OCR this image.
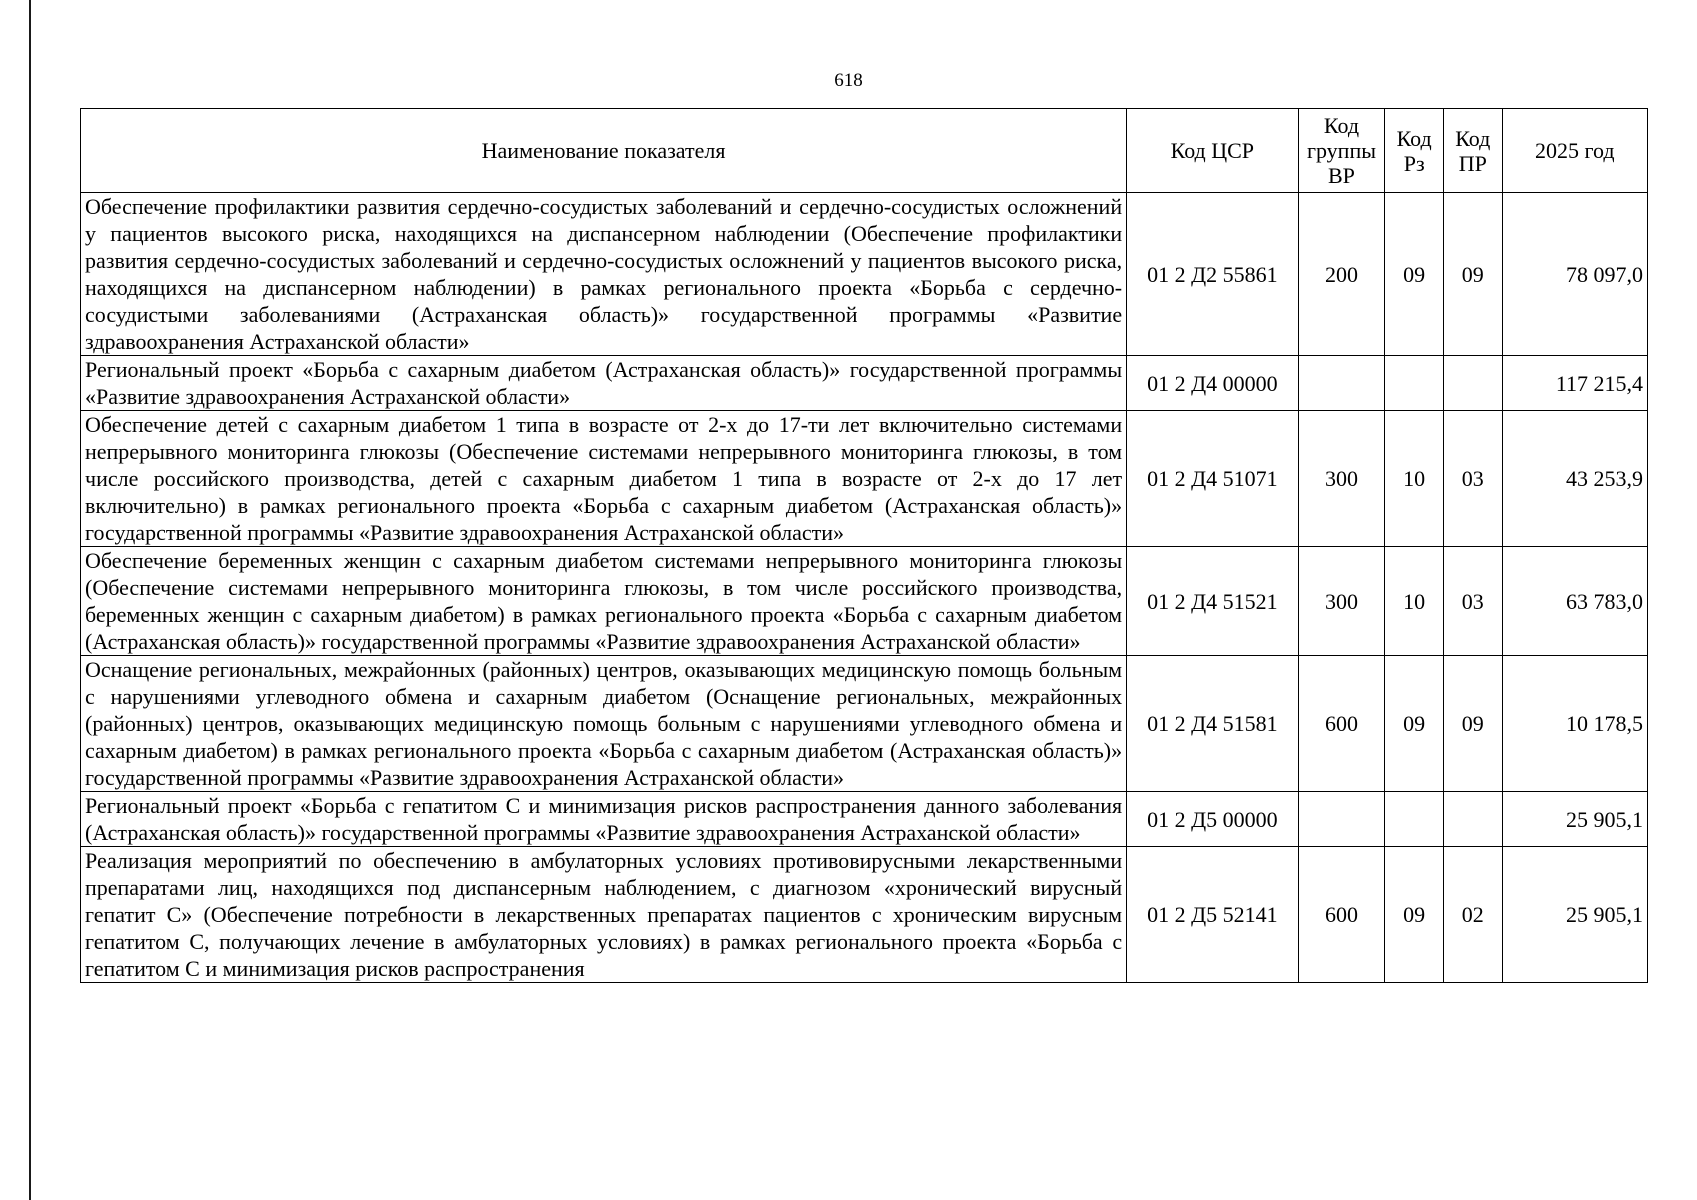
618
Наименование показателя	Код ЦСР	Код группы ВР	Код Рз	Код ПР	2025 год
Обеспечение профилактики развития сердечно-сосудистых заболеваний и сердечно-сосудистых осложнений у пациентов высокого риска, находящихся на диспансерном наблюдении (Обеспечение профилактики развития сердечно-сосудистых заболеваний и сердечно-сосудистых осложнений у пациентов высокого риска, находящихся на диспансерном наблюдении) в рамках регионального проекта «Борьба с сердечно-сосудистыми заболеваниями (Астраханская область)» государственной программы «Развитие здравоохранения Астраханской области»	01 2 Д2 55861	200	09	09	78 097,0
Региональный проект «Борьба с сахарным диабетом (Астраханская область)» государственной программы «Развитие здравоохранения Астраханской области»	01 2 Д4 00000				117 215,4
Обеспечение детей с сахарным диабетом 1 типа в возрасте от 2-х до 17-ти лет включительно системами непрерывного мониторинга глюкозы (Обеспечение системами непрерывного мониторинга глюкозы, в том числе российского производства, детей с сахарным диабетом 1 типа в возрасте от 2-х до 17 лет включительно) в рамках регионального проекта «Борьба с сахарным диабетом (Астраханская область)» государственной программы «Развитие здравоохранения Астраханской области»	01 2 Д4 51071	300	10	03	43 253,9
Обеспечение беременных женщин с сахарным диабетом системами непрерывного мониторинга глюкозы (Обеспечение системами непрерывного мониторинга глюкозы, в том числе российского производства, беременных женщин с сахарным диабетом) в рамках регионального проекта «Борьба с сахарным диабетом (Астраханская область)» государственной программы «Развитие здравоохранения Астраханской области»	01 2 Д4 51521	300	10	03	63 783,0
Оснащение региональных, межрайонных (районных) центров, оказывающих медицинскую помощь больным с нарушениями углеводного обмена и сахарным диабетом (Оснащение региональных, межрайонных (районных) центров, оказывающих медицинскую помощь больным с нарушениями углеводного обмена и сахарным диабетом) в рамках регионального проекта «Борьба с сахарным диабетом (Астраханская область)» государственной программы «Развитие здравоохранения Астраханской области»	01 2 Д4 51581	600	09	09	10 178,5
Региональный проект «Борьба с гепатитом С и минимизация рисков распространения данного заболевания (Астраханская область)» государственной программы «Развитие здравоохранения Астраханской области»	01 2 Д5 00000				25 905,1
Реализация мероприятий по обеспечению в амбулаторных условиях противовирусными лекарственными препаратами лиц, находящихся под диспансерным наблюдением, с диагнозом «хронический вирусный гепатит С» (Обеспечение потребности в лекарственных препаратах пациентов с хроническим вирусным гепатитом С, получающих лечение в амбулаторных условиях) в рамках регионального проекта «Борьба с гепатитом С и минимизация рисков распространения	01 2 Д5 52141	600	09	02	25 905,1
